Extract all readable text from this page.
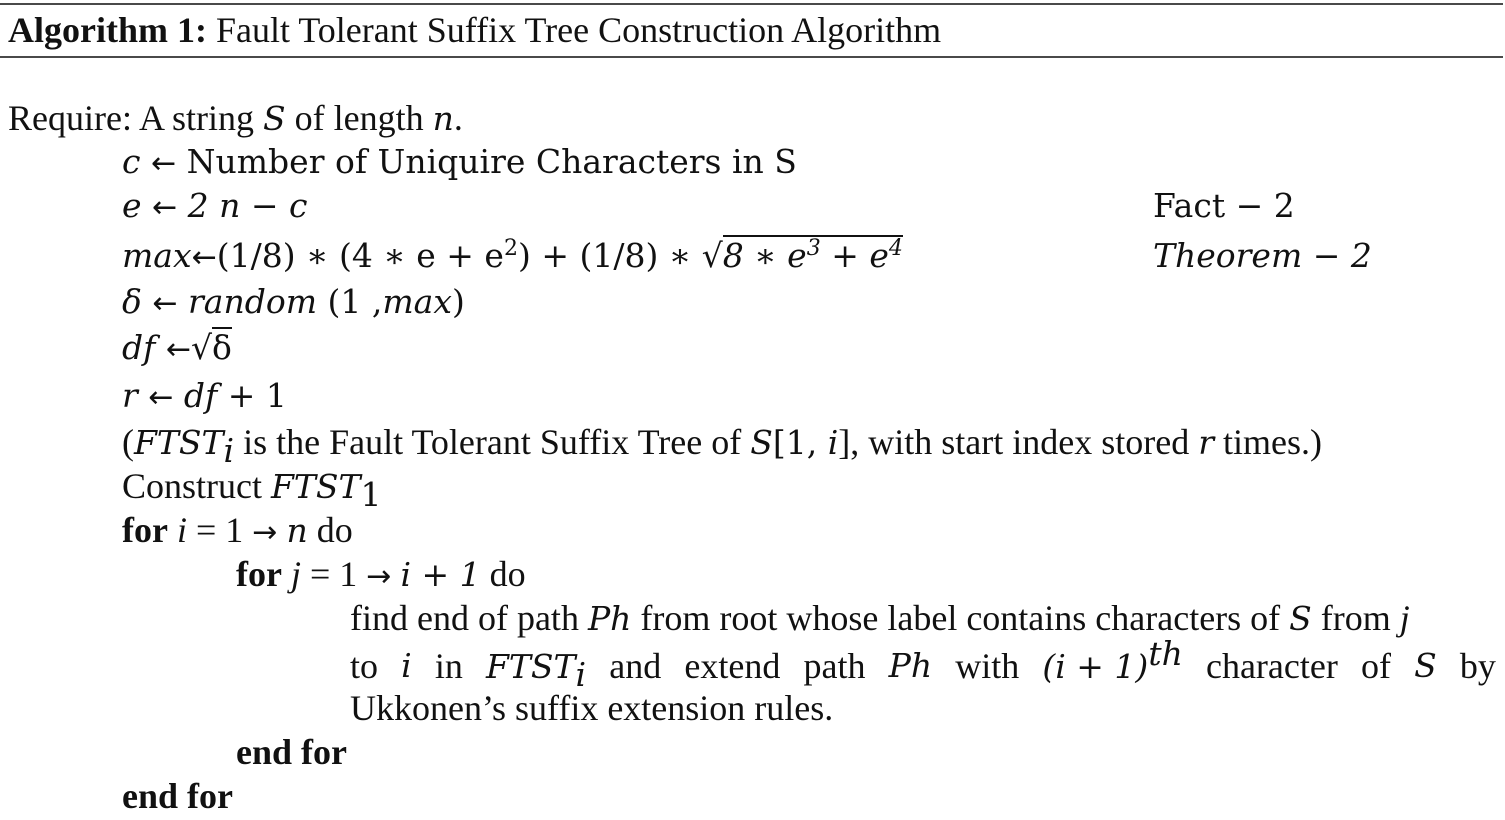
Algorithm 1: Fault Tolerant Suffix Tree Construction Algorithm
Require: A string S of length n.
c ← Number of Uniquire Characters in S
e ← 2 n − c	Fact − 2
max←(1/8) ∗ (4 ∗ $e + e^2) + (1/8)$ ∗ √8 ∗ $e^3 + e^4$	Theorem − 2
δ ← random (1 ,max)
df ←√δ
r ← df + 1
($FTST_i$ is the Fault Tolerant Suffix Tree of S[1, i], with start index stored r times.)
Construct $FTST_1$
for i = 1 → n do
for j = 1 → i + 1 do
find end of path Ph from root whose label contains characters of S from j
to i in $FTST_i$ and extend path Ph with $(i + 1)^{th}$ character of S by
Ukkonen’s suffix extension rules.
end for
end for
